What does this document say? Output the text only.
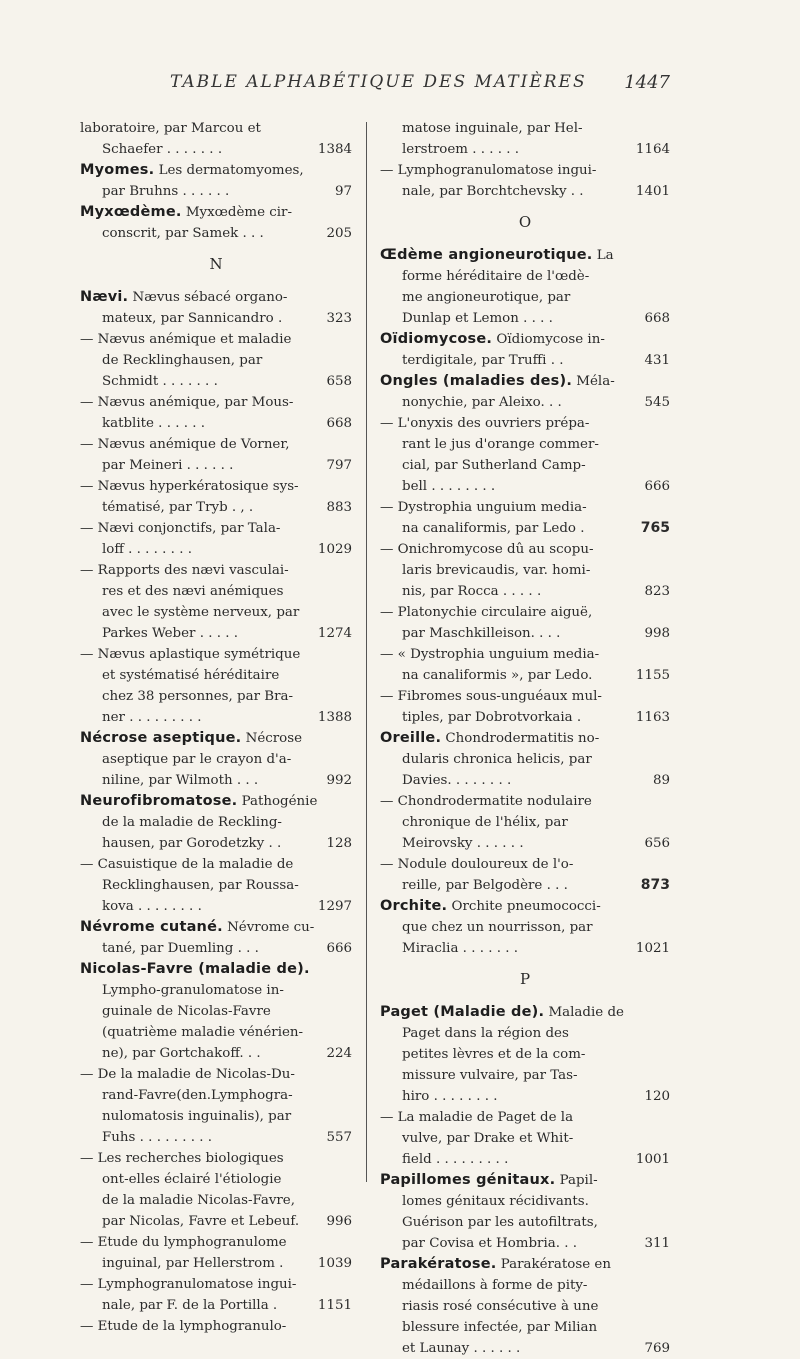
TABLE ALPHABÉTIQUE DES MATIÈRES 1447
laboratoire, par Marcou et
1384
Schaefer . . . . . . .
Myomes. Les dermatomyomes,
97
par Bruhns . . . . . .
Myxœdème. Myxœdème cir-
205
conscrit, par Samek . . .
N
Nævi. Nævus sébacé organo-
323
mateux, par Sannicandro .
— Nævus anémique et maladie
de Recklinghausen, par
658
Schmidt . . . . . . .
— Nævus anémique, par Mous-
668
katblite . . . . . .
— Nævus anémique de Vorner,
797
par Meineri . . . . . .
— Nævus hyperkératosique sys-
883
tématisé, par Tryb . , .
— Nævi conjonctifs, par Tala-
1029
loff . . . . . . . .
— Rapports des nævi vasculai-
res et des nævi anémiques
avec le système nerveux, par
1274
Parkes Weber . . . . .
— Nævus aplastique symétrique
et systématisé héréditaire
chez 38 personnes, par Bra-
1388
ner . . . . . . . . .
Nécrose aseptique. Nécrose
aseptique par le crayon d'a-
992
niline, par Wilmoth . . .
Neurofibromatose. Pathogénie
de la maladie de Reckling-
128
hausen, par Gorodetzky . .
— Casuistique de la maladie de
Recklinghausen, par Roussa-
1297
kova . . . . . . . .
Névrome cutané. Névrome cu-
666
tané, par Duemling . . .
Nicolas-Favre (maladie de).
Lympho-granulomatose in-
guinale de Nicolas-Favre
(quatrième maladie vénérien-
224
ne), par Gortchakoff. . .
— De la maladie de Nicolas-Du-
rand-Favre(den.Lymphogra-
nulomatosis inguinalis), par
557
Fuhs . . . . . . . . .
— Les recherches biologiques
ont-elles éclairé l'étiologie
de la maladie Nicolas-Favre,
996
par Nicolas, Favre et Lebeuf.
— Etude du lymphogranulome
1039
inguinal, par Hellerstrom .
— Lymphogranulomatose ingui-
1151
nale, par F. de la Portilla .
— Etude de la lymphogranulo-
matose inguinale, par Hel-
1164
lerstroem . . . . . .
— Lymphogranulomatose ingui-
1401
nale, par Borchtchevsky . .
O
Œdème angioneurotique. La
forme héréditaire de l'œdè-
me angioneurotique, par
668
Dunlap et Lemon . . . .
Oïdiomycose. Oïdiomycose in-
431
terdigitale, par Truffi . .
Ongles (maladies des). Méla-
545
nonychie, par Aleixo. . .
— L'onyxis des ouvriers prépa-
rant le jus d'orange commer-
cial, par Sutherland Camp-
666
bell . . . . . . . .
— Dystrophia unguium media-
765
na canaliformis, par Ledo .
— Onichromycose dû au scopu-
laris brevicaudis, var. homi-
823
nis, par Rocca . . . . .
— Platonychie circulaire aiguë,
998
par Maschkilleison. . . .
— « Dystrophia unguium media-
1155
na canaliformis », par Ledo.
— Fibromes sous-unguéaux mul-
1163
tiples, par Dobrotvorkaia .
Oreille. Chondrodermatitis no-
dularis chronica helicis, par
89
Davies. . . . . . . .
— Chondrodermatite nodulaire
chronique de l'hélix, par
656
Meirovsky . . . . . .
— Nodule douloureux de l'o-
873
reille, par Belgodère . . .
Orchite. Orchite pneumococci-
que chez un nourrisson, par
1021
Miraclia . . . . . . .
P
Paget (Maladie de). Maladie de
Paget dans la région des
petites lèvres et de la com-
missure vulvaire, par Tas-
120
hiro . . . . . . . .
— La maladie de Paget de la
vulve, par Drake et Whit-
1001
field . . . . . . . . .
Papillomes génitaux. Papil-
lomes génitaux récidivants.
Guérison par les autofiltrats,
311
par Covisa et Hombria. . .
Parakératose. Parakératose en
médaillons à forme de pity-
riasis rosé consécutive à une
blessure infectée, par Milian
769
et Launay . . . . . .
